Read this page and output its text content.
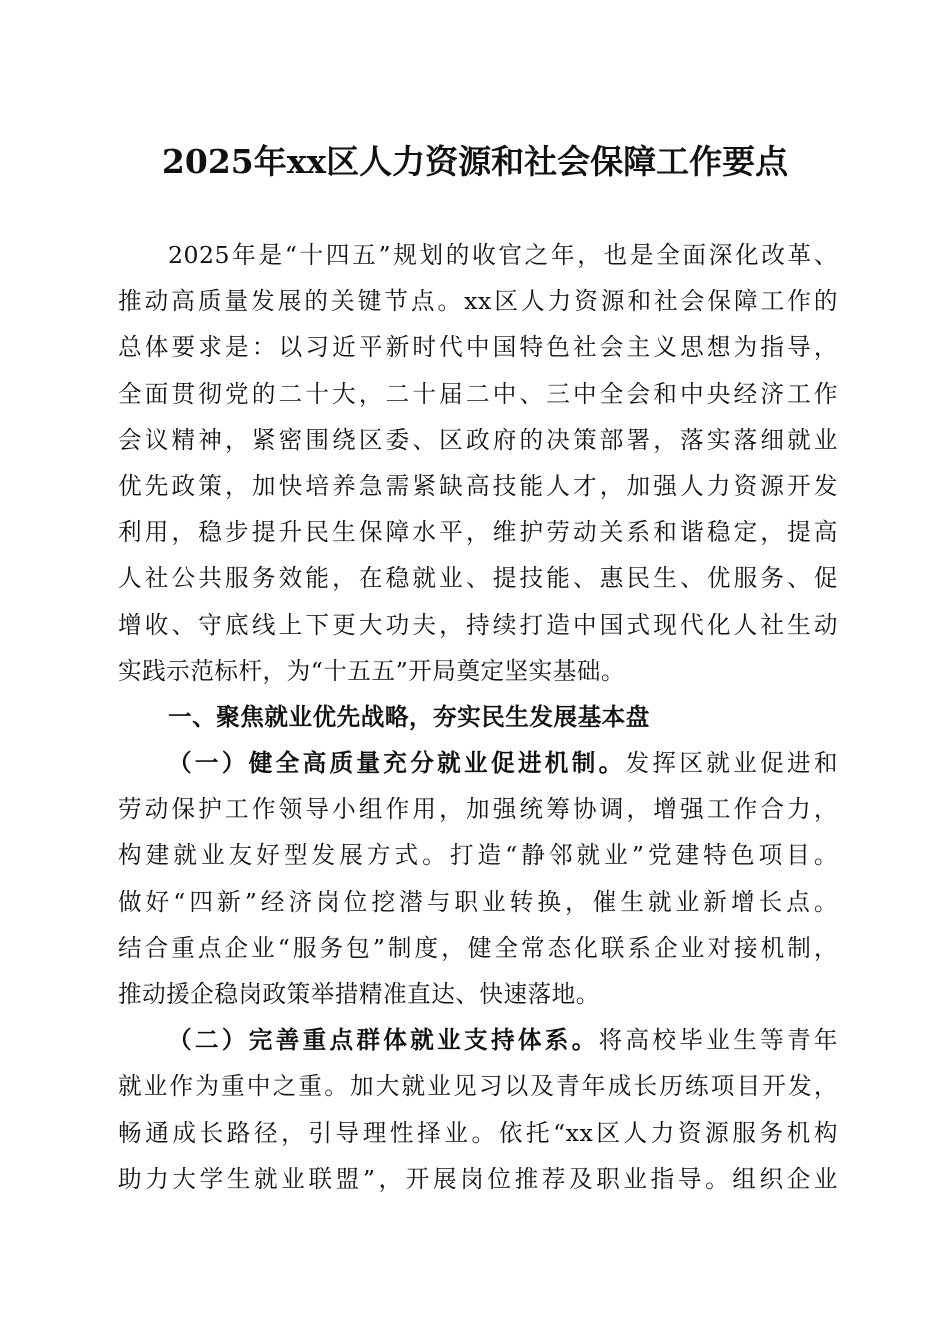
2025年xx区人力资源和社会保障工作要点
2025年是“十四五”规划的收官之年，也是全面深化改革、
推动高质量发展的关键节点。xx区人力资源和社会保障工作的
总体要求是：以习近平新时代中国特色社会主义思想为指导，
全面贯彻党的二十大，二十届二中、三中全会和中央经济工作
会议精神，紧密围绕区委、区政府的决策部署，落实落细就业
优先政策，加快培养急需紧缺高技能人才，加强人力资源开发
利用，稳步提升民生保障水平，维护劳动关系和谐稳定，提高
人社公共服务效能，在稳就业、提技能、惠民生、优服务、促
增收、守底线上下更大功夫，持续打造中国式现代化人社生动
实践示范标杆，为“十五五”开局奠定坚实基础。
一、聚焦就业优先战略，夯实民生发展基本盘
（一）健全高质量充分就业促进机制。发挥区就业促进和
劳动保护工作领导小组作用，加强统筹协调，增强工作合力，
构建就业友好型发展方式。打造“静邻就业”党建特色项目。
做好“四新”经济岗位挖潜与职业转换，催生就业新增长点。
结合重点企业“服务包”制度，健全常态化联系企业对接机制，
推动援企稳岗政策举措精准直达、快速落地。
（二）完善重点群体就业支持体系。将高校毕业生等青年
就业作为重中之重。加大就业见习以及青年成长历练项目开发，
畅通成长路径，引导理性择业。依托“xx区人力资源服务机构
助力大学生就业联盟”，开展岗位推荐及职业指导。组织企业
